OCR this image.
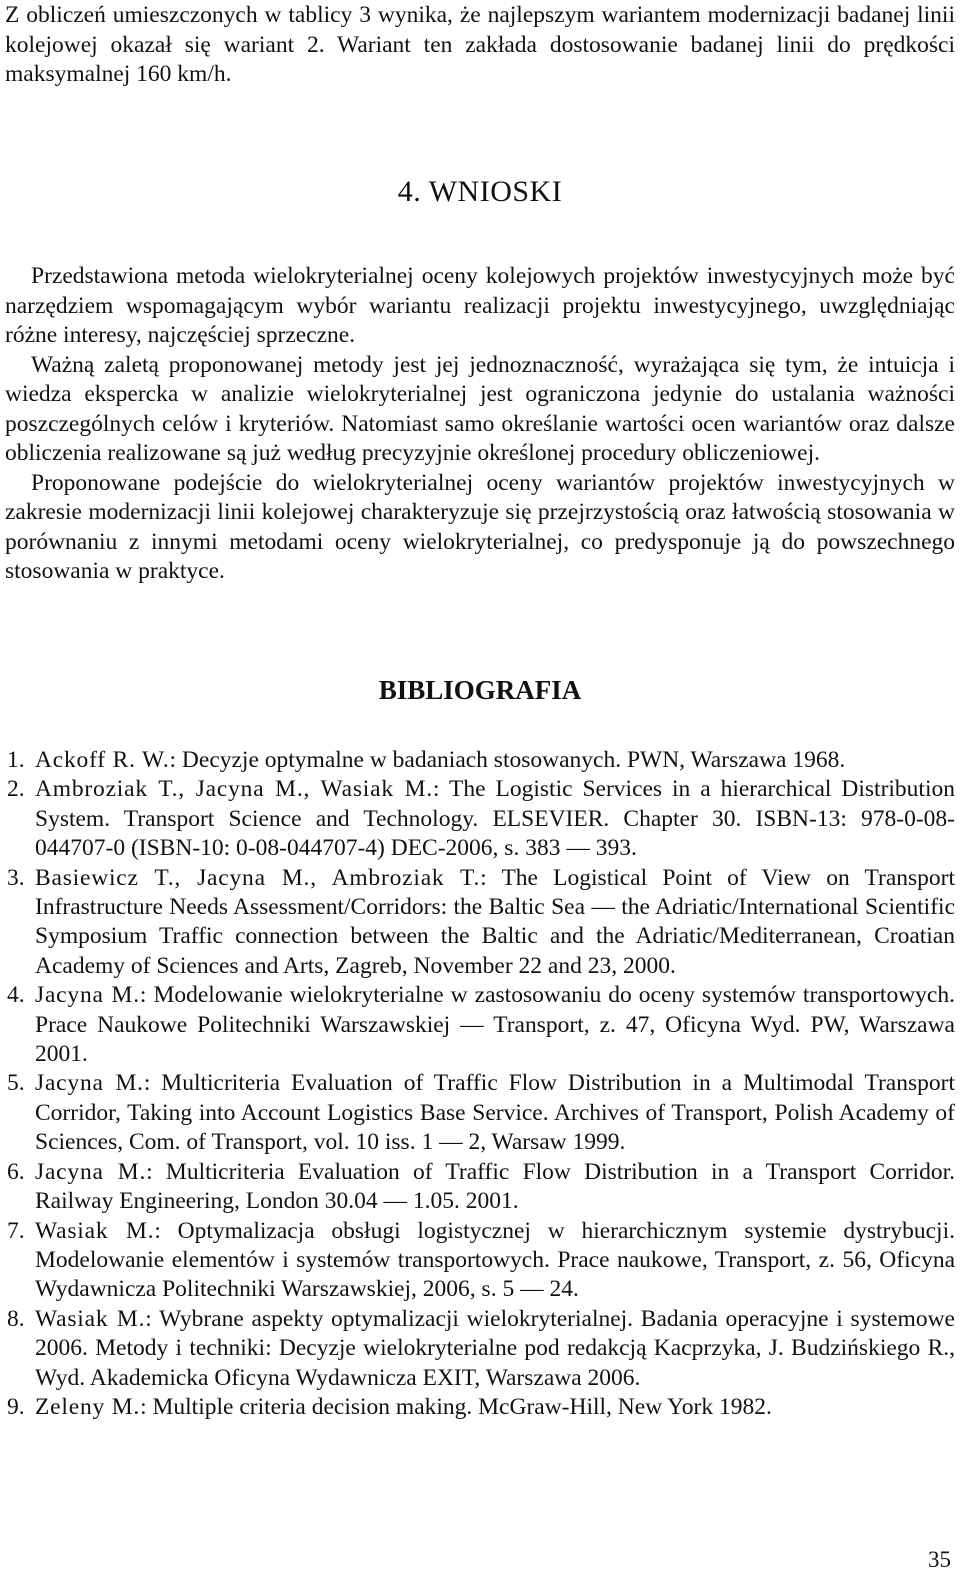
Z obliczeń umieszczonych w tablicy 3 wynika, że najlepszym wariantem modernizacji badanej linii kolejowej okazał się wariant 2. Wariant ten zakłada dostosowanie badanej linii do prędkości maksymalnej 160 km/h.

4. WNIOSKI

Przedstawiona metoda wielokryterialnej oceny kolejowych projektów inwestycyjnych może być narzędziem wspomagającym wybór wariantu realizacji projektu inwestycyjnego, uwzględniając różne interesy, najczęściej sprzeczne.

Ważną zaletą proponowanej metody jest jej jednoznaczność, wyrażająca się tym, że intuicja i wiedza ekspercka w analizie wielokryterialnej jest ograniczona jedynie do ustalania ważności poszczególnych celów i kryteriów. Natomiast samo określanie wartości ocen wariantów oraz dalsze obliczenia realizowane są już według precyzyjnie określonej procedury obliczeniowej.

Proponowane podejście do wielokryterialnej oceny wariantów projektów inwestycyjnych w zakresie modernizacji linii kolejowej charakteryzuje się przejrzystością oraz łatwością stosowania w porównaniu z innymi metodami oceny wielokryterialnej, co predysponuje ją do powszechnego stosowania w praktyce.

BIBLIOGRAFIA
1. Ackoff R. W.: Decyzje optymalne w badaniach stosowanych. PWN, Warszawa 1968.
2. Ambroziak T., Jacyna M., Wasiak M.: The Logistic Services in a hierarchical Distribution System. Transport Science and Technology. ELSEVIER. Chapter 30. ISBN-13: 978-0-08-044707-0 (ISBN-10: 0-08-044707-4) DEC-2006, s. 383 — 393.
3. Basiewicz T., Jacyna M., Ambroziak T.: The Logistical Point of View on Transport Infrastructure Needs Assessment/Corridors: the Baltic Sea — the Adriatic/International Scientific Symposium Traffic connection between the Baltic and the Adriatic/Mediterranean, Croatian Academy of Sciences and Arts, Zagreb, November 22 and 23, 2000.
4. Jacyna M.: Modelowanie wielokryterialne w zastosowaniu do oceny systemów transportowych. Prace Naukowe Politechniki Warszawskiej — Transport, z. 47, Oficyna Wyd. PW, Warszawa 2001.
5. Jacyna M.: Multicriteria Evaluation of Traffic Flow Distribution in a Multimodal Transport Corridor, Taking into Account Logistics Base Service. Archives of Transport, Polish Academy of Sciences, Com. of Transport, vol. 10 iss. 1 — 2, Warsaw 1999.
6. Jacyna M.: Multicriteria Evaluation of Traffic Flow Distribution in a Transport Corridor. Railway Engineering, London 30.04 — 1.05. 2001.
7. Wasiak M.: Optymalizacja obsługi logistycznej w hierarchicznym systemie dystrybucji. Modelowanie elementów i systemów transportowych. Prace naukowe, Transport, z. 56, Oficyna Wydawnicza Politechniki Warszawskiej, 2006, s. 5 — 24.
8. Wasiak M.: Wybrane aspekty optymalizacji wielokryterialnej. Badania operacyjne i systemowe 2006. Metody i techniki: Decyzje wielokryterialne pod redakcją Kacprzyka, J. Budzińskiego R., Wyd. Akademicka Oficyna Wydawnicza EXIT, Warszawa 2006.
9. Zeleny M.: Multiple criteria decision making. McGraw-Hill, New York 1982.
35
